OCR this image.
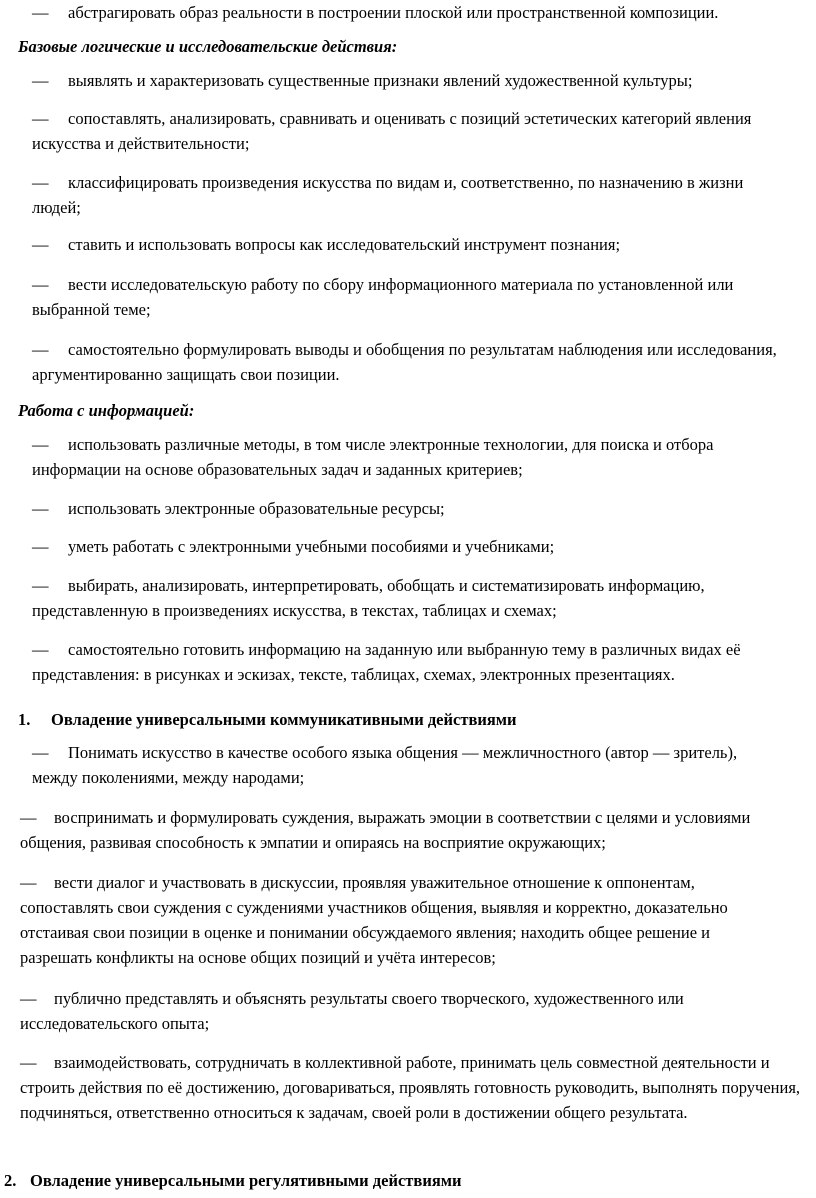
— абстрагировать образ реальности в построении плоской или пространственной композиции.

Базовые логические и исследовательские действия:

— выявлять и характеризовать существенные признаки явлений художественной культуры;

— сопоставлять, анализировать, сравнивать и оценивать с позиций эстетических категорий явления искусства и действительности;

— классифицировать произведения искусства по видам и, соответственно, по назначению в жизни людей;

— ставить и использовать вопросы как исследовательский инструмент познания;

— вести исследовательскую работу по сбору информационного материала по установленной или выбранной теме;

— самостоятельно формулировать выводы и обобщения по результатам наблюдения или исследования, аргументированно защищать свои позиции.

Работа с информацией:

— использовать различные методы, в том числе электронные технологии, для поиска и отбора информации на основе образовательных задач и заданных критериев;

— использовать электронные образовательные ресурсы;

— уметь работать с электронными учебными пособиями и учебниками;

— выбирать, анализировать, интерпретировать, обобщать и систематизировать информацию, представленную в произведениях искусства, в текстах, таблицах и схемах;

— самостоятельно готовить информацию на заданную или выбранную тему в различных видах её представления: в рисунках и эскизах, тексте, таблицах, схемах, электронных презентациях.

1. Овладение универсальными коммуникативными действиями

— Понимать искусство в качестве особого языка общения — межличностного (автор — зритель), между поколениями, между народами;

— воспринимать и формулировать суждения, выражать эмоции в соответствии с целями и условиями общения, развивая способность к эмпатии и опираясь на восприятие окружающих;

— вести диалог и участвовать в дискуссии, проявляя уважительное отношение к оппонентам, сопоставлять свои суждения с суждениями участников общения, выявляя и корректно, доказательно отстаивая свои позиции в оценке и понимании обсуждаемого явления; находить общее решение и разрешать конфликты на основе общих позиций и учёта интересов;

— публично представлять и объяснять результаты своего творческого, художественного или исследовательского опыта;

— взаимодействовать, сотрудничать в коллективной работе, принимать цель совместной деятельности и строить действия по её достижению, договариваться, проявлять готовность руководить, выполнять поручения, подчиняться, ответственно относиться к задачам, своей роли в достижении общего результата.

2. Овладение универсальными регулятивными действиями
